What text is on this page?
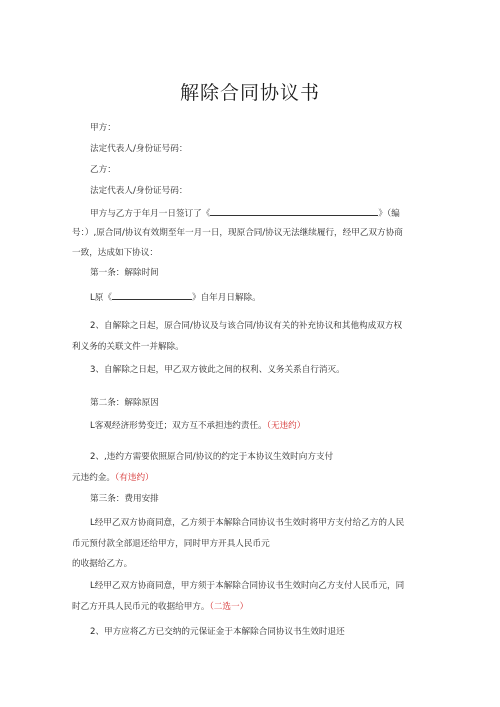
解除合同协议书
甲方：
法定代表人/身份证号码：
乙方：
法定代表人/身份证号码：
甲方与乙方于年月一日签订了《	》（编
号：）,原合同/协议有效期至年一月一日，现原合同/协议无法继续履行，经甲乙双方协商
一致，达成如下协议：
第一条：解除时间
L原《	》自年月日解除。
2、自解除之日起，原合同/协议及与该合同/协议有关的补充协议和其他构成双方权
利义务的关联文件一并解除。
3、自解除之日起，甲乙双方彼此之间的权利、义务关系自行消灭。
第二条：解除原因
L客观经济形势变迁；双方互不承担违约责任。（无违约）
2、,违约方需要依照原合同/协议的约定于本协议生效时向方支付
元违约金。（有违约）
第三条：费用安排
L经甲乙双方协商同意，乙方须于本解除合同协议书生效时将甲方支付给乙方的人民
币元预付款全部退还给甲方，同时甲方开具人民币元
的收据给乙方。
L经甲乙双方协商同意，甲方须于本解除合同协议书生效时向乙方支付人民币元，同
时乙方开具人民币元的收据给甲方。（二选一）
2、甲方应将乙方已交纳的元保证金于本解除合同协议书生效时退还
